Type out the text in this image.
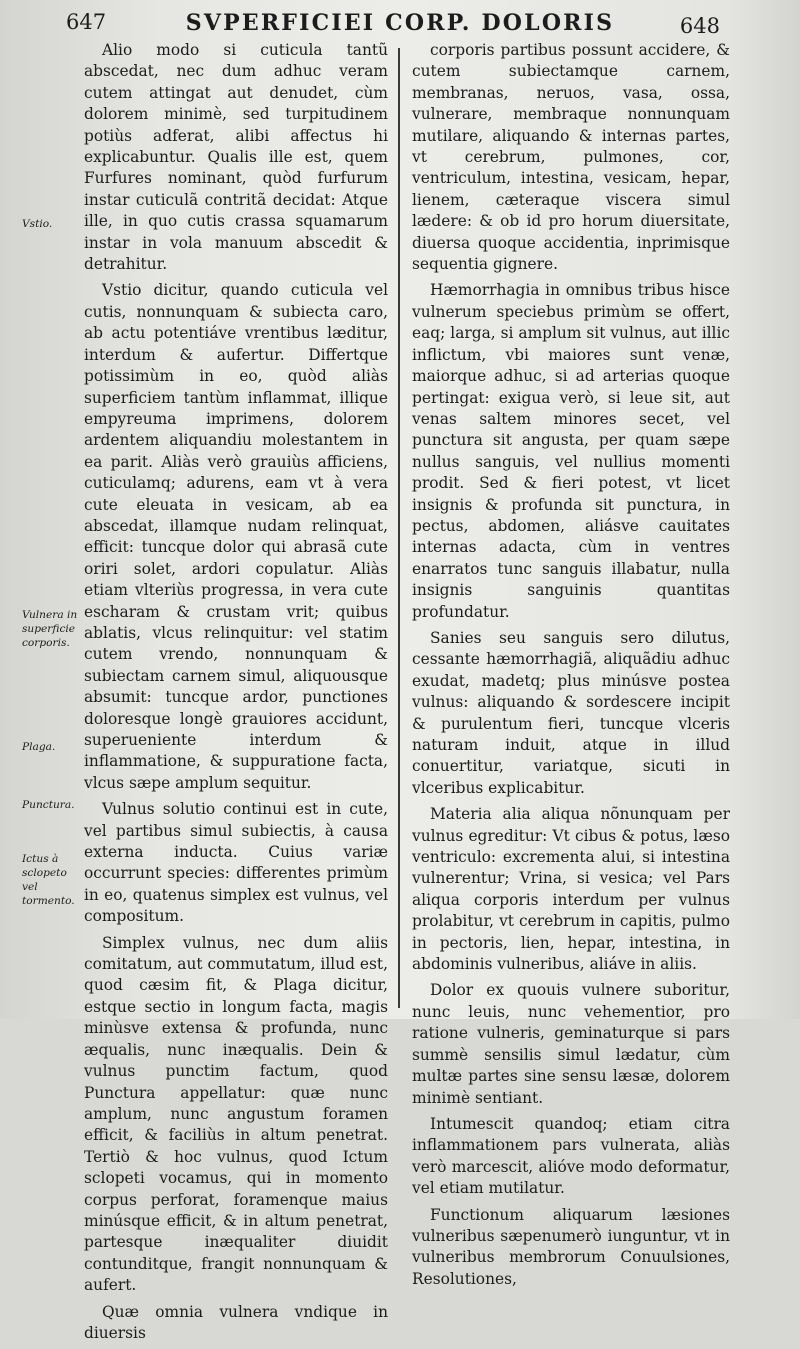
647	SVPERFICIEI CORP. DOLORIS	648
Vstio.
Vulnera in superficie corporis.
Plaga.
Punctura.
Ictus à sclopeto vel tormento.

Alio modo si cuticula tantũ abscedat, nec dum adhuc veram cutem attingat aut denudet, cùm dolorem minimè, sed turpitudinem potiùs adferat, alibi affectus hi explicabuntur. Qualis ille est, quem Furfures nominant, quòd furfurum instar cuticulã contritã decidat: Atque ille, in quo cutis crassa squamarum instar in vola manuum abscedit & detrahitur.

Vstio dicitur, quando cuticula vel cutis, nonnunquam & subiecta caro, ab actu potentiáve vrentibus læditur, interdum & aufertur. Differtque potissimùm in eo, quòd aliàs superficiem tantùm inflammat, illique empyreuma imprimens, dolorem ardentem aliquandiu molestantem in ea parit. Aliàs verò grauiùs afficiens, cuticulamq; adurens, eam vt à vera cute eleuata in vesicam, ab ea abscedat, illamque nudam relinquat, efficit: tuncque dolor qui abrasã cute oriri solet, ardori copulatur. Aliàs etiam vlteriùs progressa, in vera cute escharam & crustam vrit; quibus ablatis, vlcus relinquitur: vel statim cutem vrendo, nonnunquam & subiectam carnem simul, aliquousque absumit: tuncque ardor, punctiones doloresque longè grauiores accidunt, superueniente interdum & inflammatione, & suppuratione facta, vlcus sæpe amplum sequitur.

Vulnus solutio continui est in cute, vel partibus simul subiectis, à causa externa inducta. Cuius variæ occurrunt species: differentes primùm in eo, quatenus simplex est vulnus, vel compositum.

Simplex vulnus, nec dum aliis comitatum, aut commutatum, illud est, quod cæsim fit, & Plaga dicitur, estque sectio in longum facta, magis minùsve extensa & profunda, nunc æqualis, nunc inæqualis. Dein & vulnus punctim factum, quod Punctura appellatur: quæ nunc amplum, nunc angustum foramen efficit, & faciliùs in altum penetrat. Tertiò & hoc vulnus, quod Ictum sclopeti vocamus, qui in momento corpus perforat, foramenque maius minúsque efficit, & in altum penetrat, partesque inæqualiter diuidit contunditque, frangit nonnunquam & aufert.

Quæ omnia vulnera vndique in diuersis

corporis partibus possunt accidere, & cutem subiectamque carnem, membranas, neruos, vasa, ossa, vulnerare, membraque nonnunquam mutilare, aliquando & internas partes, vt cerebrum, pulmones, cor, ventriculum, intestina, vesicam, hepar, lienem, cæteraque viscera simul lædere: & ob id pro horum diuersitate, diuersa quoque accidentia, inprimisque sequentia gignere.

Hæmorrhagia in omnibus tribus hisce vulnerum speciebus primùm se offert, eaq; larga, si amplum sit vulnus, aut illic inflictum, vbi maiores sunt venæ, maiorque adhuc, si ad arterias quoque pertingat: exigua verò, si leue sit, aut venas saltem minores secet, vel punctura sit angusta, per quam sæpe nullus sanguis, vel nullius momenti prodit. Sed & fieri potest, vt licet insignis & profunda sit punctura, in pectus, abdomen, aliásve cauitates internas adacta, cùm in ventres enarratos tunc sanguis illabatur, nulla insignis sanguinis quantitas profundatur.

Sanies seu sanguis sero dilutus, cessante hæmorrhagiã, aliquãdiu adhuc exudat, madetq; plus minúsve postea vulnus: aliquando & sordescere incipit & purulentum fieri, tuncque vlceris naturam induit, atque in illud conuertitur, variatque, sicuti in vlceribus explicabitur.

Materia alia aliqua nõnunquam per vulnus egreditur: Vt cibus & potus, læso ventriculo: excrementa alui, si intestina vulnerentur; Vrina, si vesica; vel Pars aliqua corporis interdum per vulnus prolabitur, vt cerebrum in capitis, pulmo in pectoris, lien, hepar, intestina, in abdominis vulneribus, aliáve in aliis.

Dolor ex quouis vulnere suboritur, nunc leuis, nunc vehementior, pro ratione vulneris, geminaturque si pars summè sensilis simul lædatur, cùm multæ partes sine sensu læsæ, dolorem minimè sentiant.

Intumescit quandoq; etiam citra inflammationem pars vulnerata, aliàs verò marcescit, alióve modo deformatur, vel etiam mutilatur.

Functionum aliquarum læsiones vulneribus sæpenumerò iunguntur, vt in vulneribus membrorum Conuulsiones, Resolutiones,
